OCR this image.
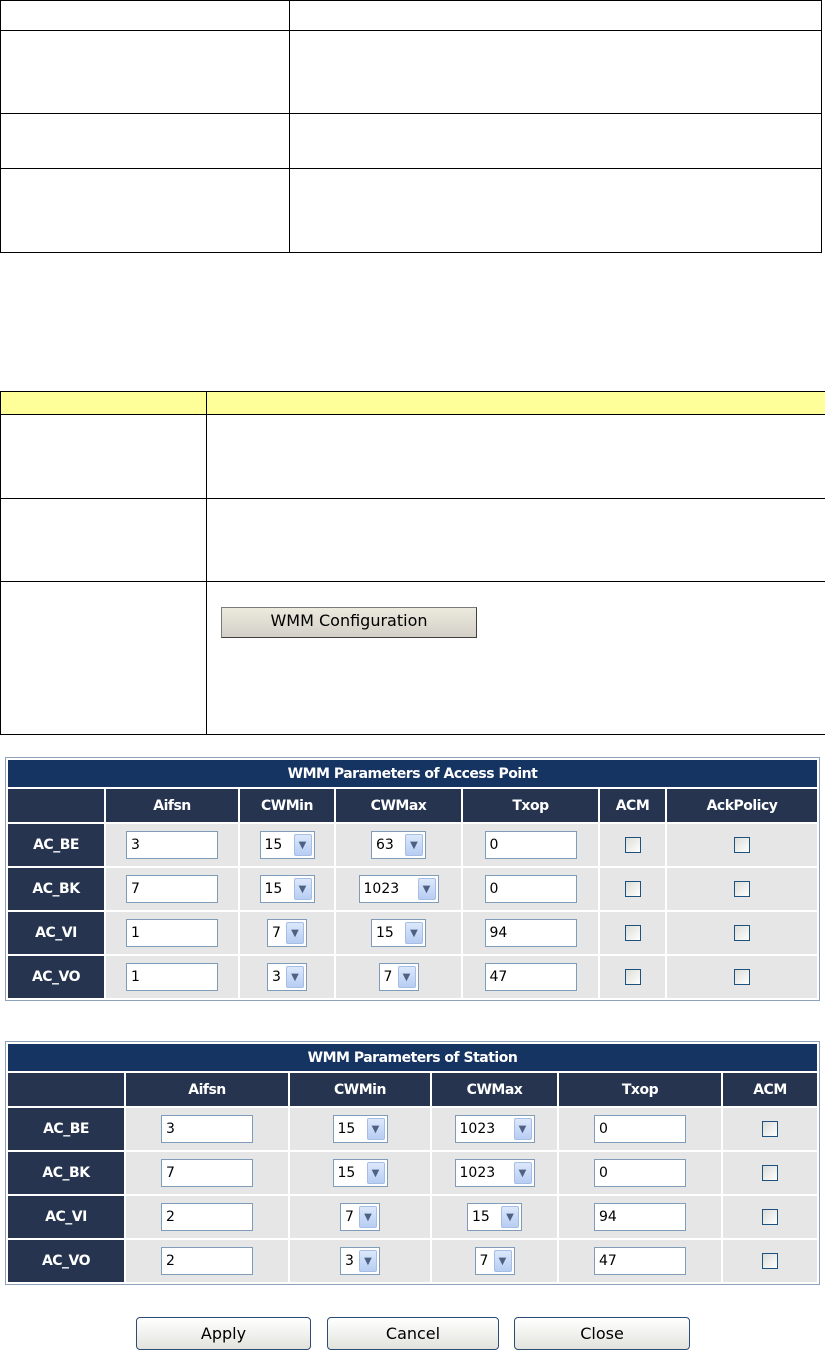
WMM Configuration
WMM Parameters of Access Point						
	Aifsn	CWMin	CWMax	Txop	ACM	AckPolicy
AC_BE	3	15 ▼	63 ▼	0		
AC_BK	7	15 ▼	1023 ▼	0		
AC_VI	1	7 ▼	15 ▼	94		
AC_VO	1	3 ▼	7 ▼	47		
WMM Parameters of Station					
	Aifsn	CWMin	CWMax	Txop	ACM
AC_BE	3	15 ▼	1023 ▼	0	
AC_BK	7	15 ▼	1023 ▼	0	
AC_VI	2	7 ▼	15 ▼	94	
AC_VO	2	3 ▼	7 ▼	47	
Apply	Cancel	Close
